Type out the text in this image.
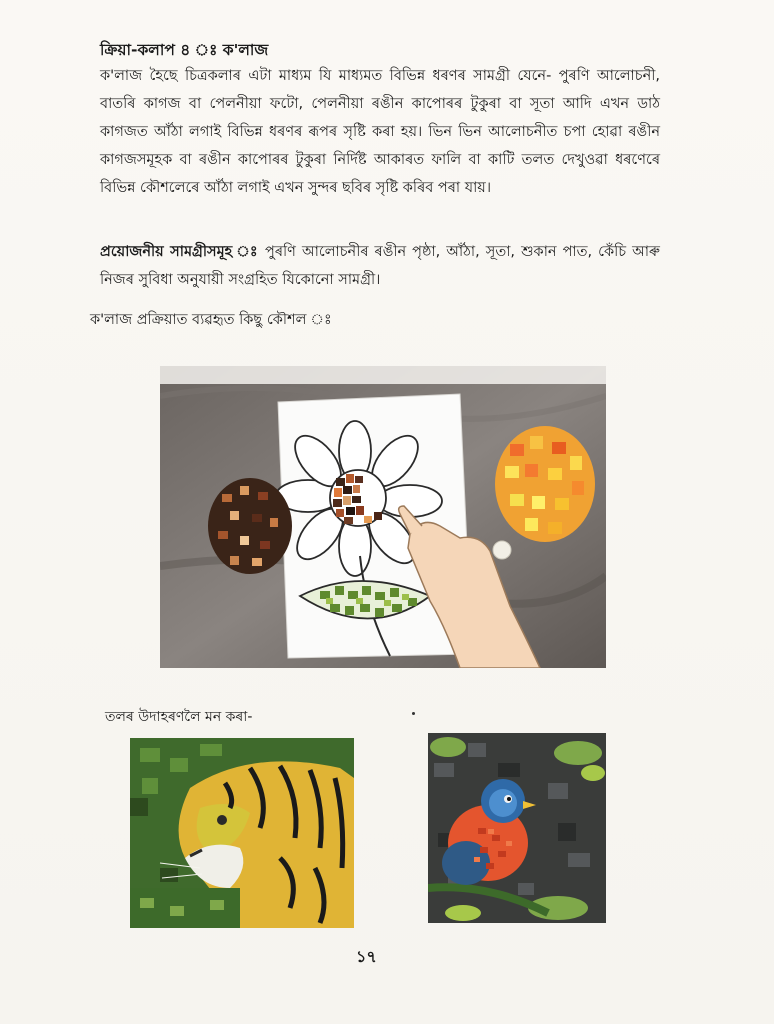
ক্ৰিয়া-কলাপ ৪ ঃ ক'লাজ
ক'লাজ হৈছে চিত্ৰকলাৰ এটা মাধ্যম যি মাধ্যমত বিভিন্ন ধৰণৰ সামগ্ৰী যেনে- পুৰণি আলোচনী, বাতৰি কাগজ বা পেলনীয়া ফটো, পেলনীয়া ৰঙীন কাপোৰৰ টুকুৰা বা সূতা আদি এখন ডাঠ কাগজত আঁঠা লগাই বিভিন্ন ধৰণৰ ৰূপৰ সৃষ্টি কৰা হয়। ভিন ভিন আলোচনীত চপা হোৱা ৰঙীন কাগজসমূহক বা ৰঙীন কাপোৰৰ টুকুৰা নিৰ্দিষ্ট আকাৰত ফালি বা কাটি তলত দেখুওৱা ধৰণেৰে বিভিন্ন কৌশলেৰে আঁঠা লগাই এখন সুন্দৰ ছবিৰ সৃষ্টি কৰিব পৰা যায়।
প্ৰয়োজনীয় সামগ্ৰীসমূহ ঃ পুৰণি আলোচনীৰ ৰঙীন পৃষ্ঠা, আঁঠা, সূতা, শুকান পাত, কেঁচি আৰু নিজৰ সুবিধা অনুযায়ী সংগ্ৰহিত যিকোনো সামগ্ৰী।
ক'লাজ প্ৰক্ৰিয়াত ব্যৱহৃত কিছু কৌশল ঃ
তলৰ উদাহৰণলৈ মন কৰা-
১৭
